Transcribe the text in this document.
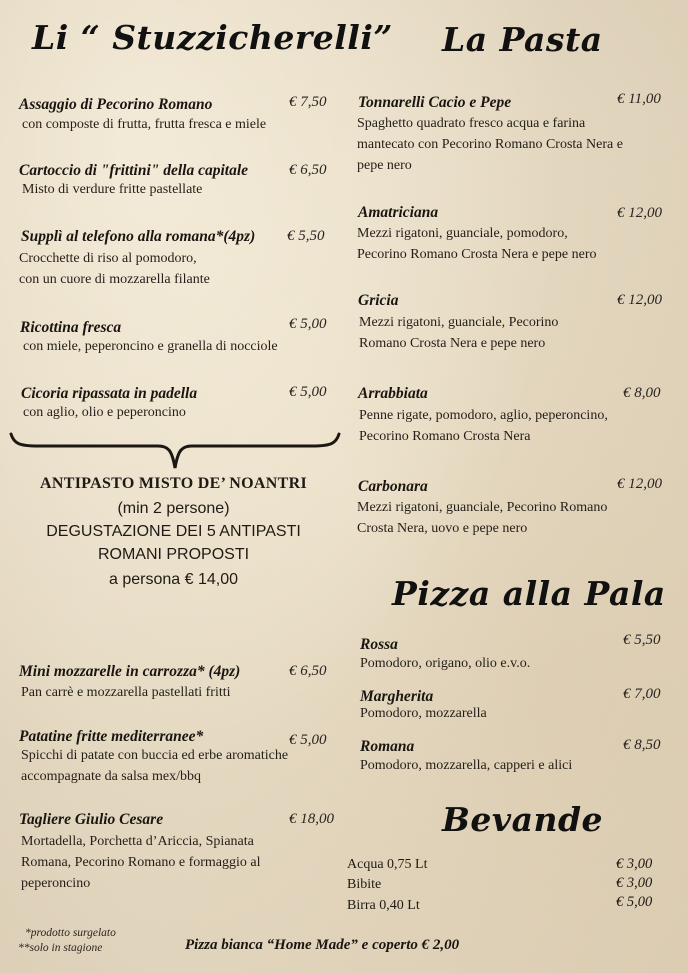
Li “ Stuzzicherelli” La Pasta
Pizza alla Pala
Bevande
Assaggio di Pecorino Romano	€ 7,50
con composte di frutta, frutta fresca e miele
Cartoccio di "frittini" della capitale	€ 6,50
Misto di verdure fritte pastellate
Supplì al telefono alla romana*(4pz) € 5,50
Crocchette di riso al pomodoro,
con un cuore di mozzarella filante
Ricottina fresca	€ 5,00
con miele, peperoncino e granella di nocciole
Cicoria ripassata in padella	€ 5,00
con aglio, olio e peperoncino
ANTIPASTO MISTO DE’ NOANTRI
(min 2 persone)
DEGUSTAZIONE DEI 5 ANTIPASTI
ROMANI PROPOSTI
a persona € 14,00
Mini mozzarelle in carrozza* (4pz)	€ 6,50
Pan carrè e mozzarella pastellati fritti
Patatine fritte mediterranee*	€ 5,00
Spicchi di patate con buccia ed erbe aromatiche
accompagnate da salsa mex/bbq
Tagliere Giulio Cesare	€ 18,00
Mortadella, Porchetta d’Ariccia, Spianata
Romana, Pecorino Romano e formaggio al
peperoncino
Tonnarelli Cacio e Pepe	€ 11,00
Spaghetto quadrato fresco acqua e farina
mantecato con Pecorino Romano Crosta Nera e
pepe nero
Amatriciana	€ 12,00
Mezzi rigatoni, guanciale, pomodoro,
Pecorino Romano Crosta Nera e pepe nero
Gricia	€ 12,00
Mezzi rigatoni, guanciale, Pecorino
Romano Crosta Nera e pepe nero
Arrabbiata	€ 8,00
Penne rigate, pomodoro, aglio, peperoncino,
Pecorino Romano Crosta Nera
Carbonara	€ 12,00
Mezzi rigatoni, guanciale, Pecorino Romano
Crosta Nera, uovo e pepe nero
Rossa	€ 5,50
Pomodoro, origano, olio e.v.o.
Margherita	€ 7,00
Pomodoro, mozzarella
Romana	€ 8,50
Pomodoro, mozzarella, capperi e alici
Acqua 0,75 Lt	€ 3,00
Bibite	€ 3,00
Birra 0,40 Lt	€ 5,00
*prodotto surgelato
**solo in stagione	Pizza bianca “Home Made” e coperto € 2,00
